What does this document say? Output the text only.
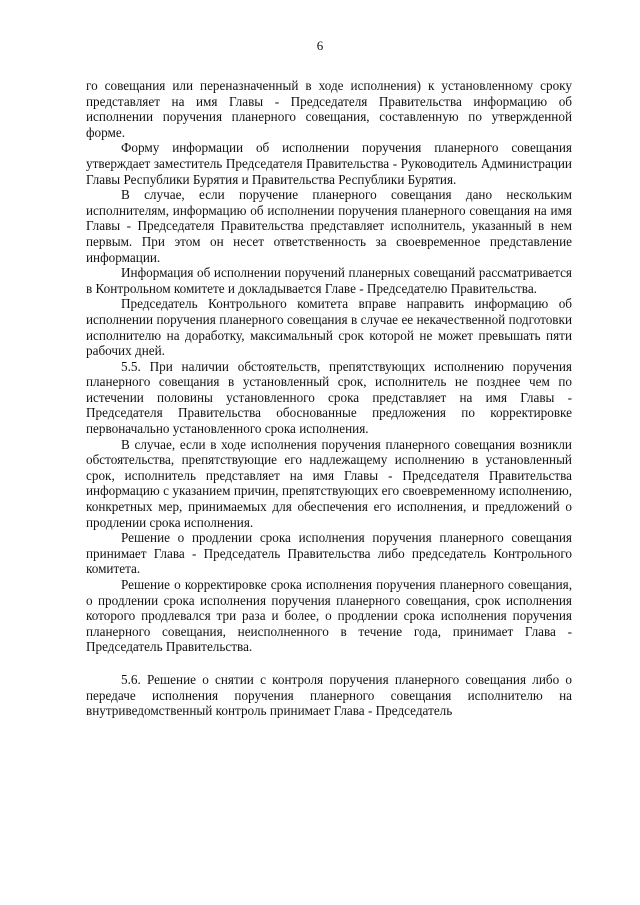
6

го совещания или переназначенный в ходе исполнения) к установленному сроку представляет на имя Главы - Председателя Правительства информацию об исполнении поручения планерного совещания, составленную по утвержденной форме.

Форму информации об исполнении поручения планерного совещания утверждает заместитель Председателя Правительства - Руководитель Администрации Главы Республики Бурятия и Правительства Республики Бурятия.

В случае, если поручение планерного совещания дано нескольким исполнителям, информацию об исполнении поручения планерного совещания на имя Главы - Председателя Правительства представляет исполнитель, указанный в нем первым. При этом он несет ответственность за своевременное представление информации.

Информация об исполнении поручений планерных совещаний рассматривается в Контрольном комитете и докладывается Главе - Председателю Правительства.

Председатель Контрольного комитета вправе направить информацию об исполнении поручения планерного совещания в случае ее некачественной подготовки исполнителю на доработку, максимальный срок которой не может превышать пяти рабочих дней.

5.5. При наличии обстоятельств, препятствующих исполнению поручения планерного совещания в установленный срок, исполнитель не позднее чем по истечении половины установленного срока представляет на имя Главы - Председателя Правительства обоснованные предложения по корректировке первоначально установленного срока исполнения.

В случае, если в ходе исполнения поручения планерного совещания возникли обстоятельства, препятствующие его надлежащему исполнению в установленный срок, исполнитель представляет на имя Главы - Председателя Правительства информацию с указанием причин, препятствующих его своевременному исполнению, конкретных мер, принимаемых для обеспечения его исполнения, и предложений о продлении срока исполнения.

Решение о продлении срока исполнения поручения планерного совещания принимает Глава - Председатель Правительства либо председатель Контрольного комитета.

Решение о корректировке срока исполнения поручения планерного совещания, о продлении срока исполнения поручения планерного совещания, срок исполнения которого продлевался три раза и более, о продлении срока исполнения поручения планерного совещания, неисполненного в течение года, принимает Глава - Председатель Правительства.

5.6. Решение о снятии с контроля поручения планерного совещания либо о передаче исполнения поручения планерного совещания исполнителю на внутриведомственный контроль принимает Глава - Председатель
